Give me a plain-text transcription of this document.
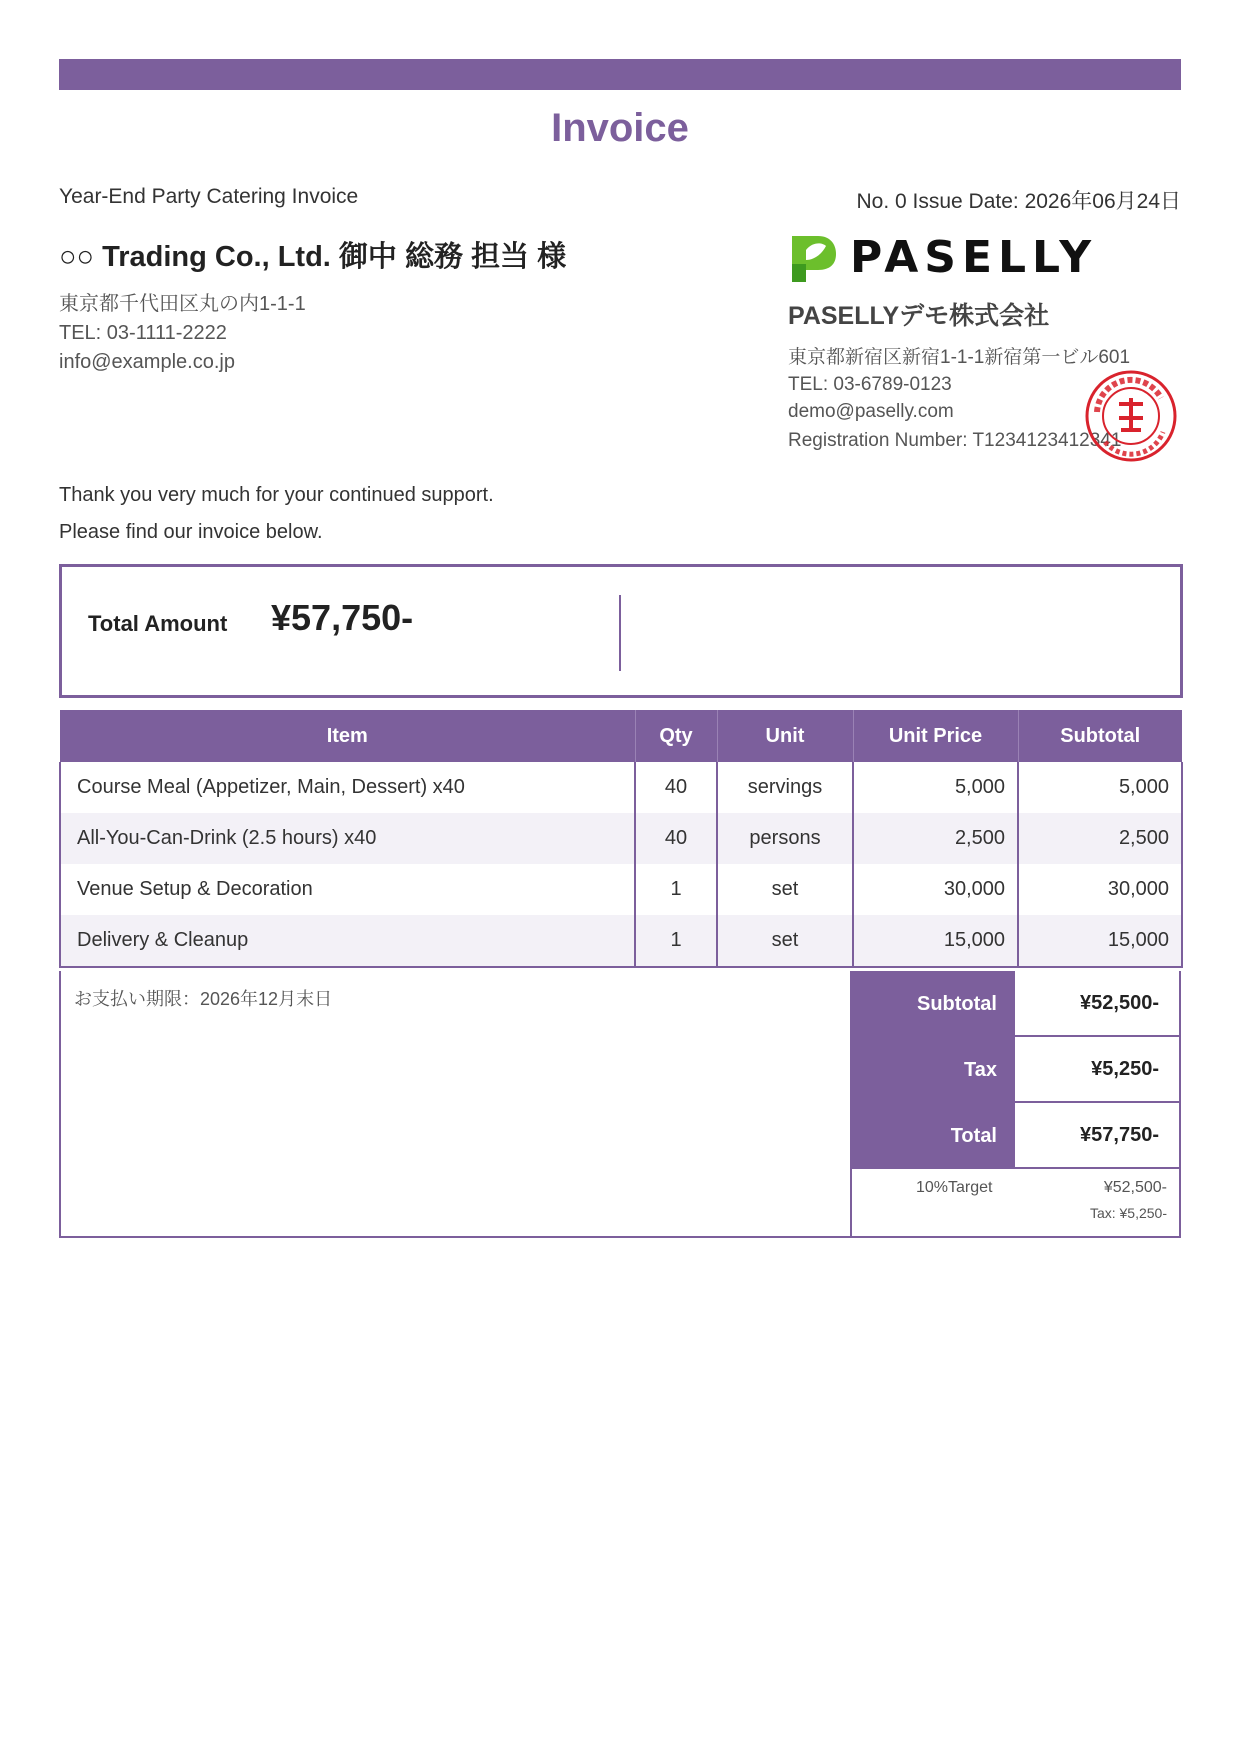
Invoice
Year-End Party Catering Invoice	No. 0 Issue Date: 2026年06月24日
○○ Trading Co., Ltd. 御中 総務 担当 様
東京都千代田区丸の内1-1-1
TEL: 03-1111-2222
info@example.co.jp
PASELLY
PASELLYデモ株式会社
東京都新宿区新宿1-1-1新宿第一ビル601
TEL: 03-6789-0123
demo@paselly.com
Registration Number: T1234123412341
Thank you very much for your continued support.
Please find our invoice below.
Total Amount ¥57,750-
Item	Qty	Unit	Unit Price	Subtotal
Course Meal (Appetizer, Main, Dessert) x40	40	servings	5,000	5,000
All-You-Can-Drink (2.5 hours) x40	40	persons	2,500	2,500
Venue Setup & Decoration	1	set	30,000	30,000
Delivery & Cleanup	1	set	15,000	15,000
お支払い期限：2026年12月末日	Subtotal	¥52,500-
Tax	¥5,250-
Total	¥57,750-
10%Target	¥52,500-
Tax: ¥5,250-
